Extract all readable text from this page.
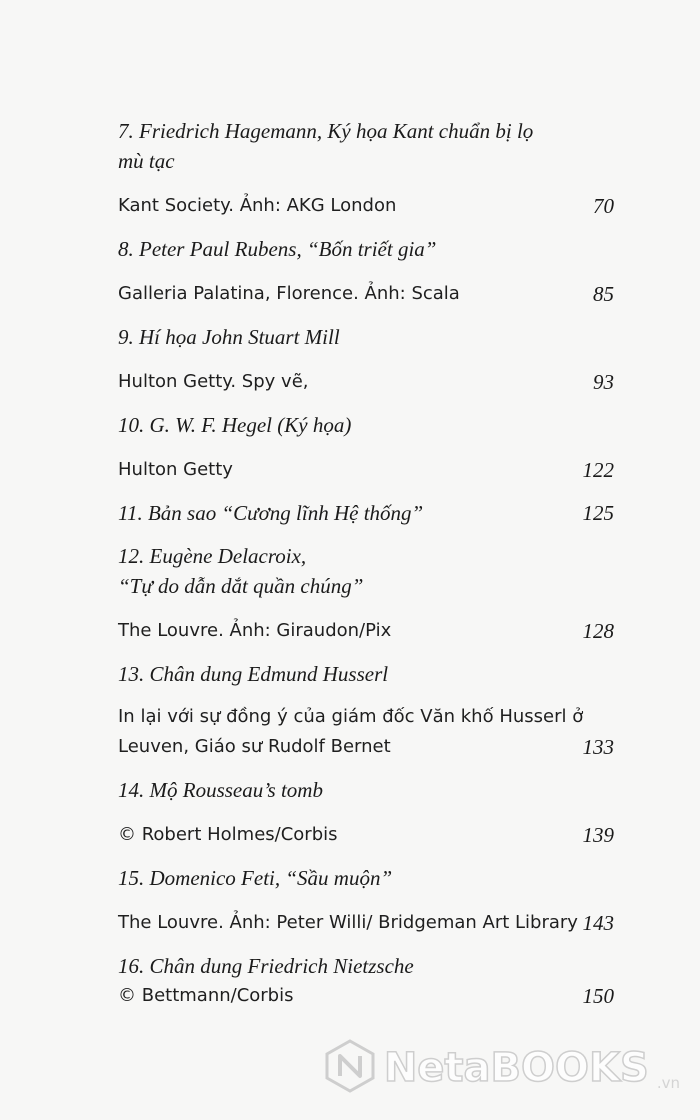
7. Friedrich Hagemann, Ký họa Kant chuẩn bị lọ
mù tạc
70
Kant Society. Ảnh: AKG London
8. Peter Paul Rubens, “Bốn triết gia”
85
Galleria Palatina, Florence. Ảnh: Scala
9. Hí họa John Stuart Mill
93
Hulton Getty. Spy vẽ,
10. G. W. F. Hegel (Ký họa)
122
Hulton Getty
11. Bản sao “Cương lĩnh Hệ thống”	125
12. Eugène Delacroix,
“Tự do dẫn dắt quần chúng”
128
The Louvre. Ảnh: Giraudon/Pix
13. Chân dung Edmund Husserl
133
In lại với sự đồng ý của giám đốc Văn khố Husserl ở
Leuven, Giáo sư Rudolf Bernet
14. Mộ Rousseau’s tomb
139
© Robert Holmes/Corbis
15. Domenico Feti, “Sầu muộn”
143
The Louvre. Ảnh: Peter Willi/ Bridgeman Art Library
16. Chân dung Friedrich Nietzsche
150
© Bettmann/Corbis
NetaBOOKS .vn
